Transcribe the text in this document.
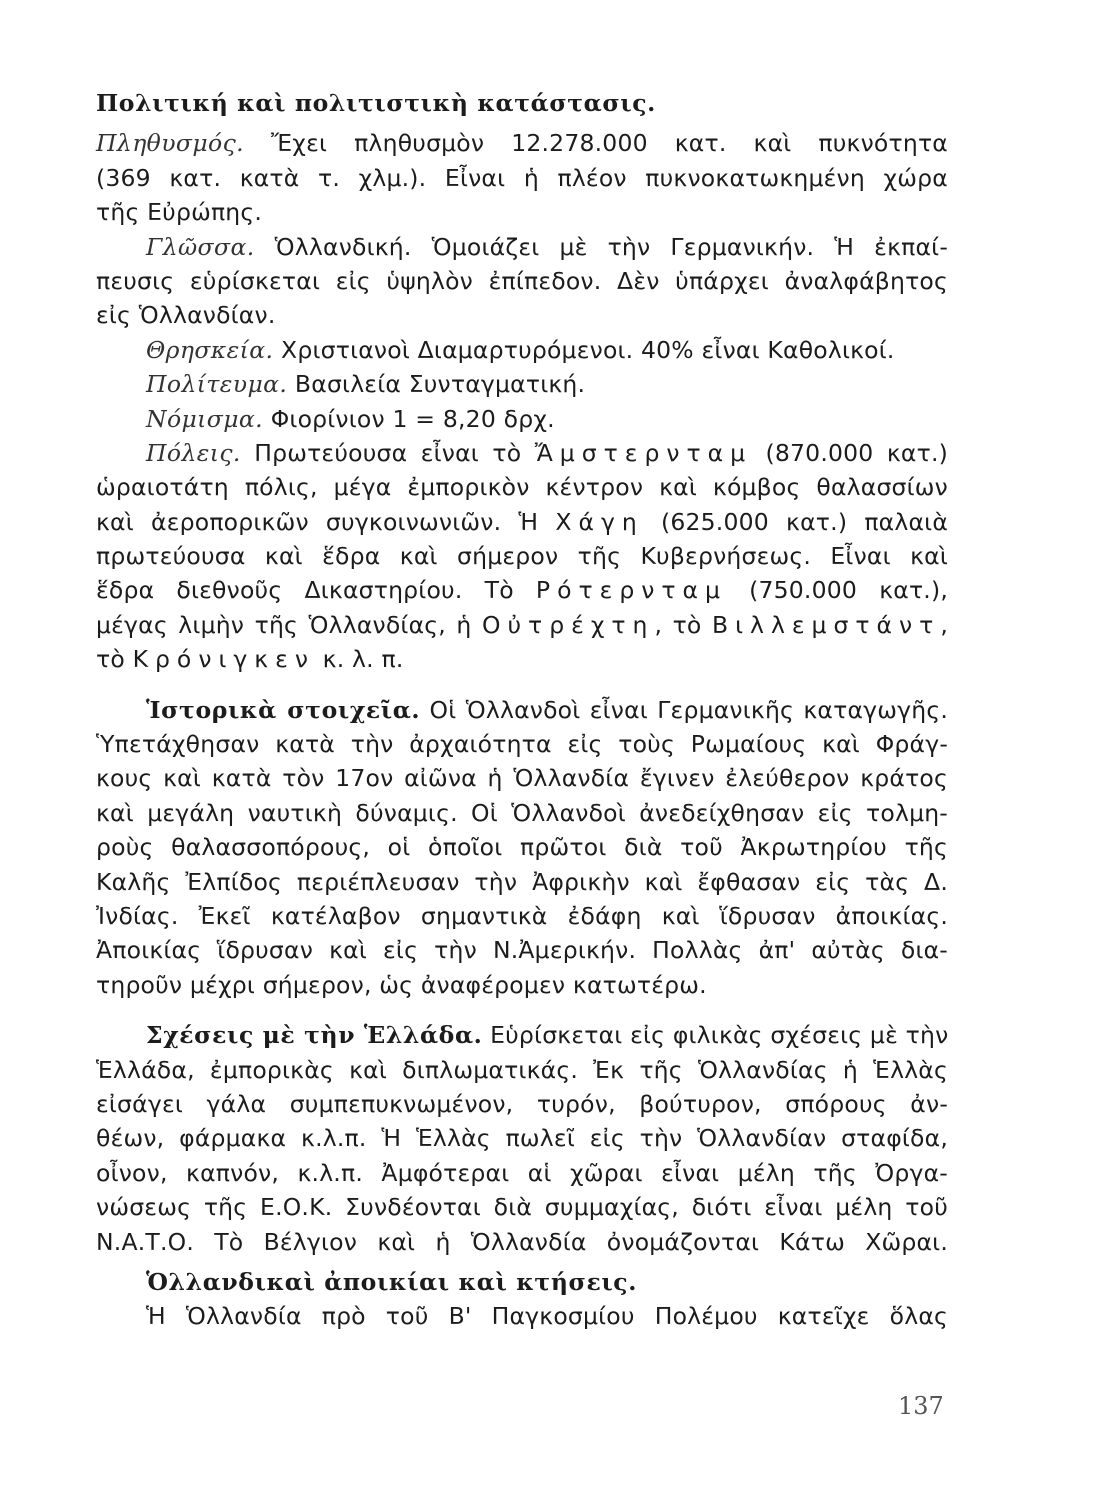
Πολιτική καὶ πολιτιστικὴ κατάστασις.
Πληθυσμός. Ἔχει πληθυσμὸν 12.278.000 κατ. καὶ πυκνότητα
(369 κατ. κατὰ τ. χλμ.). Εἶναι ἡ πλέον πυκνοκατωκημένη χώρα
τῆς Εὐρώπης.
Γλῶσσα. Ὁλλανδική. Ὁμοιάζει μὲ τὴν Γερμανικήν. Ἡ ἐκπαί-
πευσις εὑρίσκεται εἰς ὑψηλὸν ἐπίπεδον. Δὲν ὑπάρχει ἀναλφάβητος
εἰς Ὁλλανδίαν.
Θρησκεία. Χριστιανοὶ Διαμαρτυρόμενοι. 40% εἶναι Καθολικοί.
Πολίτευμα. Βασιλεία Συνταγματική.
Νόμισμα. Φιορίνιον 1 = 8,20 δρχ.
Πόλεις. Πρωτεύουσα εἶναι τὸ Ἄμστερνταμ (870.000 κατ.)
ὡραιοτάτη πόλις, μέγα ἐμπορικὸν κέντρον καὶ κόμβος θαλασσίων
καὶ ἀεροπορικῶν συγκοινωνιῶν. Ἡ Χάγη (625.000 κατ.) παλαιὰ
πρωτεύουσα καὶ ἕδρα καὶ σήμερον τῆς Κυβερνήσεως. Εἶναι καὶ
ἕδρα διεθνοῦς Δικαστηρίου. Τὸ Ρότερνταμ (750.000 κατ.),
μέγας λιμὴν τῆς Ὁλλανδίας, ἡ Οὐτρέχτη, τὸ Βιλλεμστάντ,
τὸ Κρόνιγκεν κ. λ. π.
Ἱστορικὰ στοιχεῖα. Οἱ Ὁλλανδοὶ εἶναι Γερμανικῆς καταγωγῆς.
Ὑπετάχθησαν κατὰ τὴν ἀρχαιότητα εἰς τοὺς Ρωμαίους καὶ Φράγ-
κους καὶ κατὰ τὸν 17ον αἰῶνα ἡ Ὁλλανδία ἔγινεν ἐλεύθερον κράτος
καὶ μεγάλη ναυτικὴ δύναμις. Οἱ Ὁλλανδοὶ ἀνεδείχθησαν εἰς τολμη-
ροὺς θαλασσοπόρους, οἱ ὁποῖοι πρῶτοι διὰ τοῦ Ἀκρωτηρίου τῆς
Καλῆς Ἐλπίδος περιέπλευσαν τὴν Ἀφρικὴν καὶ ἔφθασαν εἰς τὰς Δ.
Ἰνδίας. Ἐκεῖ κατέλαβον σημαντικὰ ἐδάφη καὶ ἵδρυσαν ἀποικίας.
Ἀποικίας ἵδρυσαν καὶ εἰς τὴν Ν.Ἀμερικήν. Πολλὰς ἀπ' αὐτὰς δια-
τηροῦν μέχρι σήμερον, ὡς ἀναφέρομεν κατωτέρω.
Σχέσεις μὲ τὴν Ἑλλάδα. Εὑρίσκεται εἰς φιλικὰς σχέσεις μὲ τὴν
Ἑλλάδα, ἐμπορικὰς καὶ διπλωματικάς. Ἐκ τῆς Ὁλλανδίας ἡ Ἑλλὰς
εἰσάγει γάλα συμπεπυκνωμένον, τυρόν, βούτυρον, σπόρους ἀν-
θέων, φάρμακα κ.λ.π. Ἡ Ἑλλὰς πωλεῖ εἰς τὴν Ὁλλανδίαν σταφίδα,
οἶνον, καπνόν, κ.λ.π. Ἀμφότεραι αἱ χῶραι εἶναι μέλη τῆς Ὀργα-
νώσεως τῆς Ε.Ο.Κ. Συνδέονται διὰ συμμαχίας, διότι εἶναι μέλη τοῦ
Ν.Α.Τ.Ο. Τὸ Βέλγιον καὶ ἡ Ὁλλανδία ὀνομάζονται Κάτω Χῶραι.
Ὁλλανδικαὶ ἀποικίαι καὶ κτήσεις.
Ἡ Ὁλλανδία πρὸ τοῦ Β' Παγκοσμίου Πολέμου κατεῖχε ὅλας
137
